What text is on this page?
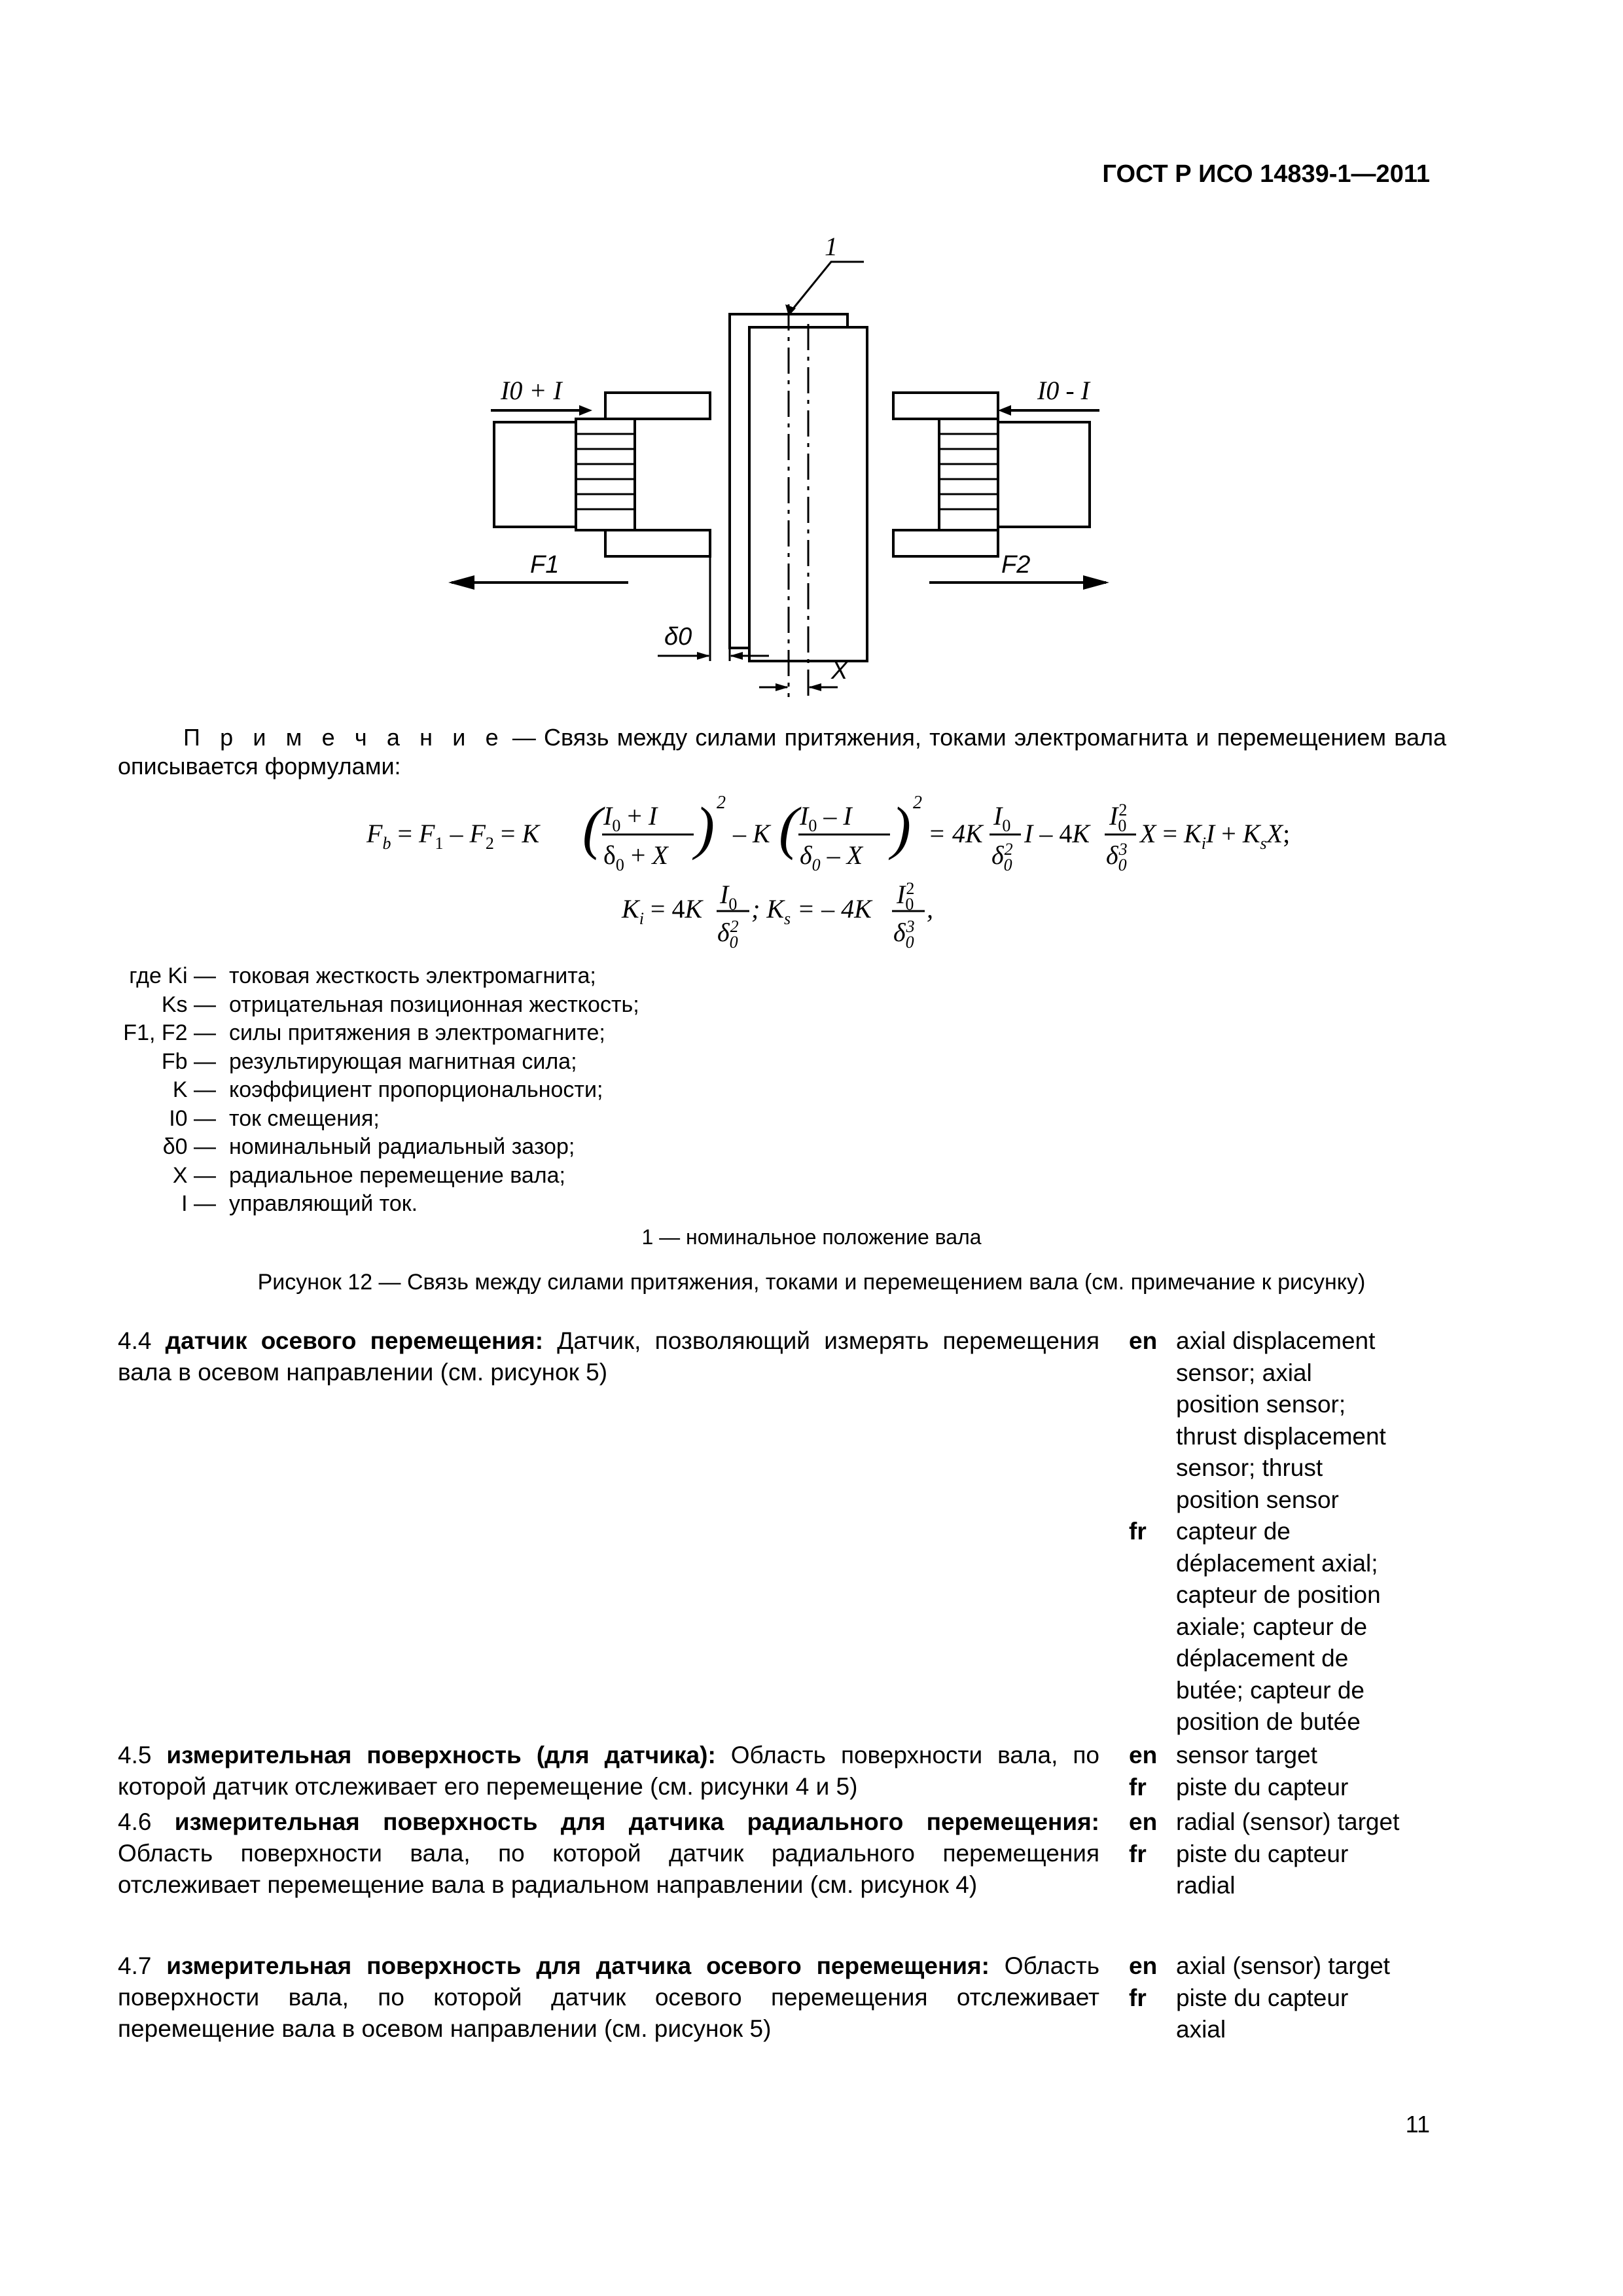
ГОСТ Р ИСО 14839-1—2011
1
I0 + I	I0 - I
F1	F2
δ0
X
П р и м е ч а н и е — Связь между силами притяжения, токами электромагнита и перемещением вала описывается формулами:
$F_b = F_1 - F_2 = K$ ( $I_0 + I$
$\delta_0 + X$ ) 2
– K ( $I_0$ – I
$\delta_0$ – X ) 2
= 4K
$I_0$
$\delta_02$
I – 4K
$I_02$
$\delta_03$
$X = K_iI + K_sX$;
$K_i = 4K$ $I_0$
$\delta_02$
; $K_s$ = – 4K $I_02$
$\delta_03$
,
где Ki — токовая жесткость электромагнита;
Ks — отрицательная позиционная жесткость;
F1, F2 — силы притяжения в электромагните;
Fb — результирующая магнитная сила;
K — коэффициент пропорциональности;
I0 — ток смещения;
δ0 — номинальный радиальный зазор;
X — радиальное перемещение вала;
I — управляющий ток.
1 — номинальное положение вала
Рисунок 12 — Связь между силами притяжения, токами и перемещением вала (см. примечание к рисунку)
4.4 датчик осевого перемещения: Датчик, позволяющий измерять перемещения вала в осевом направлении (см. рисунок 5)
en axial displacement
sensor; axial
position sensor;
thrust displacement
sensor; thrust
position sensor
fr	capteur de
déplacement axial;
capteur de position
axiale; capteur de
déplacement de
butée; capteur de
position de butée
4.5 измерительная поверхность (для датчика): Область поверхности вала, по которой датчик отслеживает его перемещение (см. рисунки 4 и 5)
en sensor target
fr	piste du capteur
4.6 измерительная поверхность для датчика радиального перемещения: Область поверхности вала, по которой датчик радиального перемещения отслеживает перемещение вала в радиальном направлении (см. рисунок 4)
en radial (sensor) target
fr	piste du capteur
radial
4.7 измерительная поверхность для датчика осевого перемещения: Область поверхности вала, по которой датчик осевого перемещения отслеживает перемещение вала в осевом направлении (см. рисунок 5)
en axial (sensor) target
fr	piste du capteur
axial
11
